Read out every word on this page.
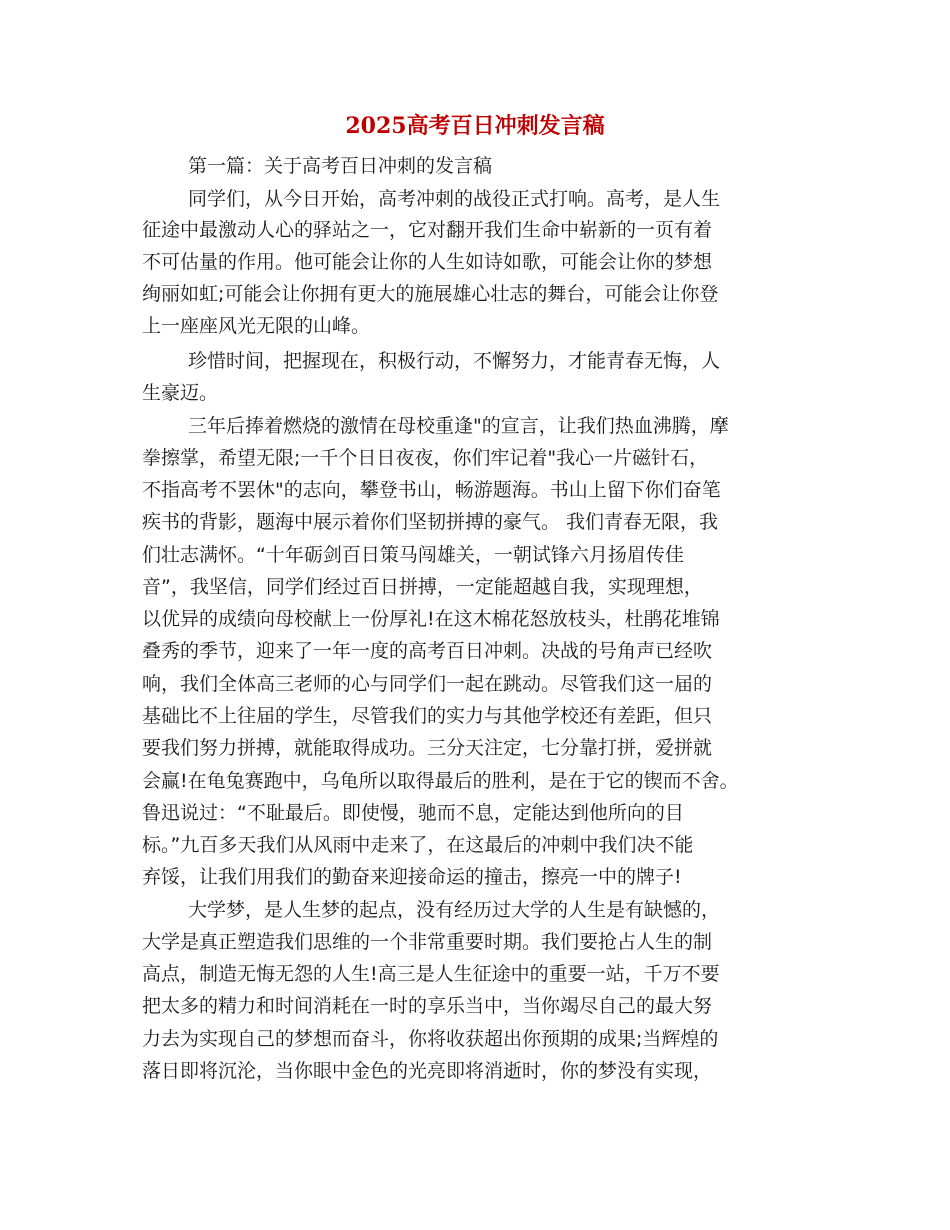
2025高考百日冲刺发言稿
第一篇：关于高考百日冲刺的发言稿
同学们，从今日开始，高考冲刺的战役正式打响。高考，是人生
征途中最激动人心的驿站之一，它对翻开我们生命中崭新的一页有着
不可估量的作用。他可能会让你的人生如诗如歌，可能会让你的梦想
绚丽如虹;可能会让你拥有更大的施展雄心壮志的舞台，可能会让你登
上一座座风光无限的山峰。
珍惜时间，把握现在，积极行动，不懈努力，才能青春无悔，人
生豪迈。
三年后捧着燃烧的激情在母校重逢"的宣言，让我们热血沸腾，摩
拳擦掌，希望无限;一千个日日夜夜，你们牢记着"我心一片磁针石，
不指高考不罢休"的志向，攀登书山，畅游题海。书山上留下你们奋笔
疾书的背影，题海中展示着你们坚韧拼搏的豪气。 我们青春无限，我
们壮志满怀。“十年砺剑百日策马闯雄关，一朝试锋六月扬眉传佳
音”，我坚信，同学们经过百日拼搏，一定能超越自我，实现理想，
以优异的成绩向母校献上一份厚礼!在这木棉花怒放枝头，杜鹃花堆锦
叠秀的季节，迎来了一年一度的高考百日冲刺。决战的号角声已经吹
响，我们全体高三老师的心与同学们一起在跳动。尽管我们这一届的
基础比不上往届的学生，尽管我们的实力与其他学校还有差距，但只
要我们努力拼搏，就能取得成功。三分天注定，七分靠打拼，爱拼就
会赢!在龟兔赛跑中，乌龟所以取得最后的胜利，是在于它的锲而不舍。
鲁迅说过：“不耻最后。即使慢，驰而不息，定能达到他所向的目
标。”九百多天我们从风雨中走来了，在这最后的冲刺中我们决不能
弃馁，让我们用我们的勤奋来迎接命运的撞击，擦亮一中的牌子!
大学梦，是人生梦的起点，没有经历过大学的人生是有缺憾的，
大学是真正塑造我们思维的一个非常重要时期。我们要抢占人生的制
高点，制造无悔无怨的人生!高三是人生征途中的重要一站，千万不要
把太多的精力和时间消耗在一时的享乐当中，当你竭尽自己的最大努
力去为实现自己的梦想而奋斗，你将收获超出你预期的成果;当辉煌的
落日即将沉沦，当你眼中金色的光亮即将消逝时，你的梦没有实现，
